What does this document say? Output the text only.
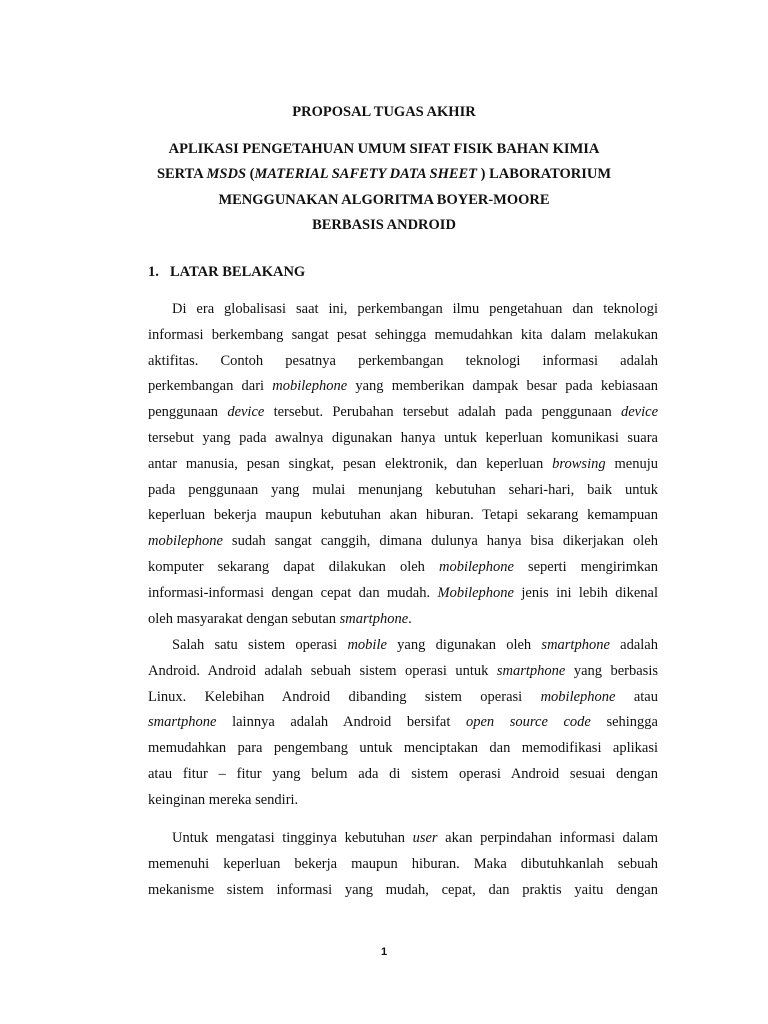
PROPOSAL TUGAS AKHIR
APLIKASI PENGETAHUAN UMUM SIFAT FISIK BAHAN KIMIA
SERTA MSDS (MATERIAL SAFETY DATA SHEET ) LABORATORIUM
MENGGUNAKAN ALGORITMA BOYER-MOORE
BERBASIS ANDROID
1. LATAR BELAKANG
Di era globalisasi saat ini, perkembangan ilmu pengetahuan dan teknologi
informasi berkembang sangat pesat sehingga memudahkan kita dalam melakukan
aktifitas. Contoh pesatnya perkembangan teknologi informasi adalah
perkembangan dari mobilephone yang memberikan dampak besar pada kebiasaan
penggunaan device tersebut. Perubahan tersebut adalah pada penggunaan device
tersebut yang pada awalnya digunakan hanya untuk keperluan komunikasi suara
antar manusia, pesan singkat, pesan elektronik, dan keperluan browsing menuju
pada penggunaan yang mulai menunjang kebutuhan sehari-hari, baik untuk
keperluan bekerja maupun kebutuhan akan hiburan. Tetapi sekarang kemampuan
mobilephone sudah sangat canggih, dimana dulunya hanya bisa dikerjakan oleh
komputer sekarang dapat dilakukan oleh mobilephone seperti mengirimkan
informasi-informasi dengan cepat dan mudah. Mobilephone jenis ini lebih dikenal
oleh masyarakat dengan sebutan smartphone.
Salah satu sistem operasi mobile yang digunakan oleh smartphone adalah
Android. Android adalah sebuah sistem operasi untuk smartphone yang berbasis
Linux. Kelebihan Android dibanding sistem operasi mobilephone atau
smartphone lainnya adalah Android bersifat open source code sehingga
memudahkan para pengembang untuk menciptakan dan memodifikasi aplikasi
atau fitur – fitur yang belum ada di sistem operasi Android sesuai dengan
keinginan mereka sendiri.
Untuk mengatasi tingginya kebutuhan user akan perpindahan informasi dalam
memenuhi keperluan bekerja maupun hiburan. Maka dibutuhkanlah sebuah
mekanisme sistem informasi yang mudah, cepat, dan praktis yaitu dengan
1
